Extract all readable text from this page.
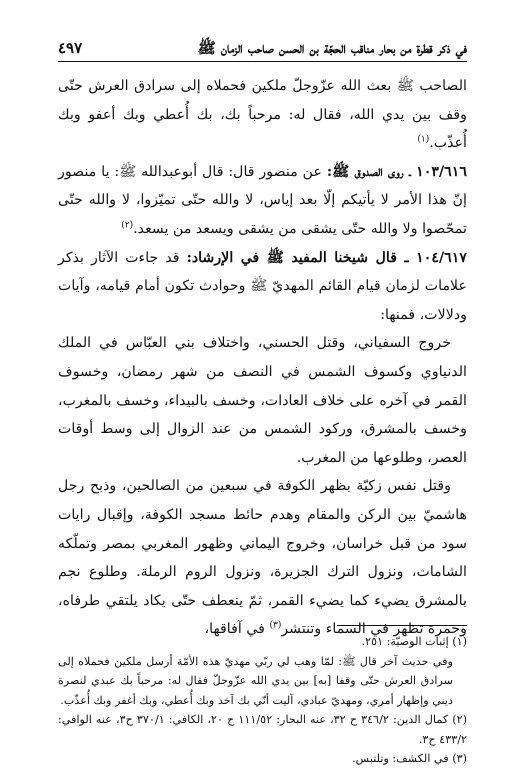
في ذكر قطرة من بحار مناقب الحجّة بن الحسن صاحب الزمان ﷺ
٤٩٧

الصاحب ﷺ بعث الله عزّوجلّ ملكين فحملاه إلى سرادق العرش حتّى وقف بين يدي الله، فقال له: مرحباً بك، بك أُعطي وبك أعفو وبك أُعذّب.$^{(١)}$

١٠٣/٦١٦ ـ روى الصدوق ﷺ: عن منصور قال: قال أبوعبدالله ﷺ: يا منصور إنّ هذا الأمر لا يأتيكم إلّا بعد إياس، لا والله حتّى تميّزوا، لا والله حتّى تمحّصوا ولا والله حتّى يشقى من يشقى ويسعد من يسعد.$^{(٢)}$

١٠٤/٦١٧ ـ قال شيخنا المفيد ﷺ في الإرشاد: قد جاءت الآثار بذكر علامات لزمان قيام القائم المهديّ ﷺ وحوادث تكون أمام قيامه، وآيات ودلالات، فمنها:

خروج السفياني، وقتل الحسني، واختلاف بني العبّاس في الملك الدنياوي وكسوف الشمس في النصف من شهر رمضان، وخسوف القمر في آخره على خلاف العادات، وخسف بالبيداء، وخسف بالمغرب، وخسف بالمشرق، وركود الشمس من عند الزوال إلى وسط أوقات العصر، وطلوعها من المغرب.

وقتل نفس زكيّة بظهر الكوفة في سبعين من الصالحين، وذبح رجل هاشميّ بين الركن والمقام وهدم حائط مسجد الكوفة، وإقبال رايات سود من قبل خراسان، وخروج اليماني وظهور المغربي بمصر وتملّكه الشامات، ونزول الترك الجزيرة، ونزول الروم الرملة. وطلوع نجم بالمشرق يضيء كما يضيء القمر، ثمّ ينعطف حتّى يكاد يلتقي طرفاه، وحمرة تظهر في السماء وتنتشر$^{(٣)}$ في آفاقها،

(١) إثبات الوصيّة: ٢٥١.

وفي حديث آخر قال ﷺ: لمّا وهب لي ربّي مهديّ هذه الأمّة أرسل ملكين فحملاه إلى سرادق العرش حتّى وقفا [به] بين يدي الله عزّوجلّ فقال له: مرحباً بك عبدي لنصرة ديني وإظهار أمري، ومهديّ عبادي، آليت أنّي بك آخذ وبك أُعطي، وبك أغفر وبك أُعذّب.

(٢) كمال الدين: ٣٤٦/٢ ح ٣٢، عنه البحار: ١١١/٥٢ ح ٢٠، الكافي: ٣٧٠/١ ح٣، عنه الوافي: ٤٣٣/٢ ح٣.

(٣) في الكشف: وتلتبس.
